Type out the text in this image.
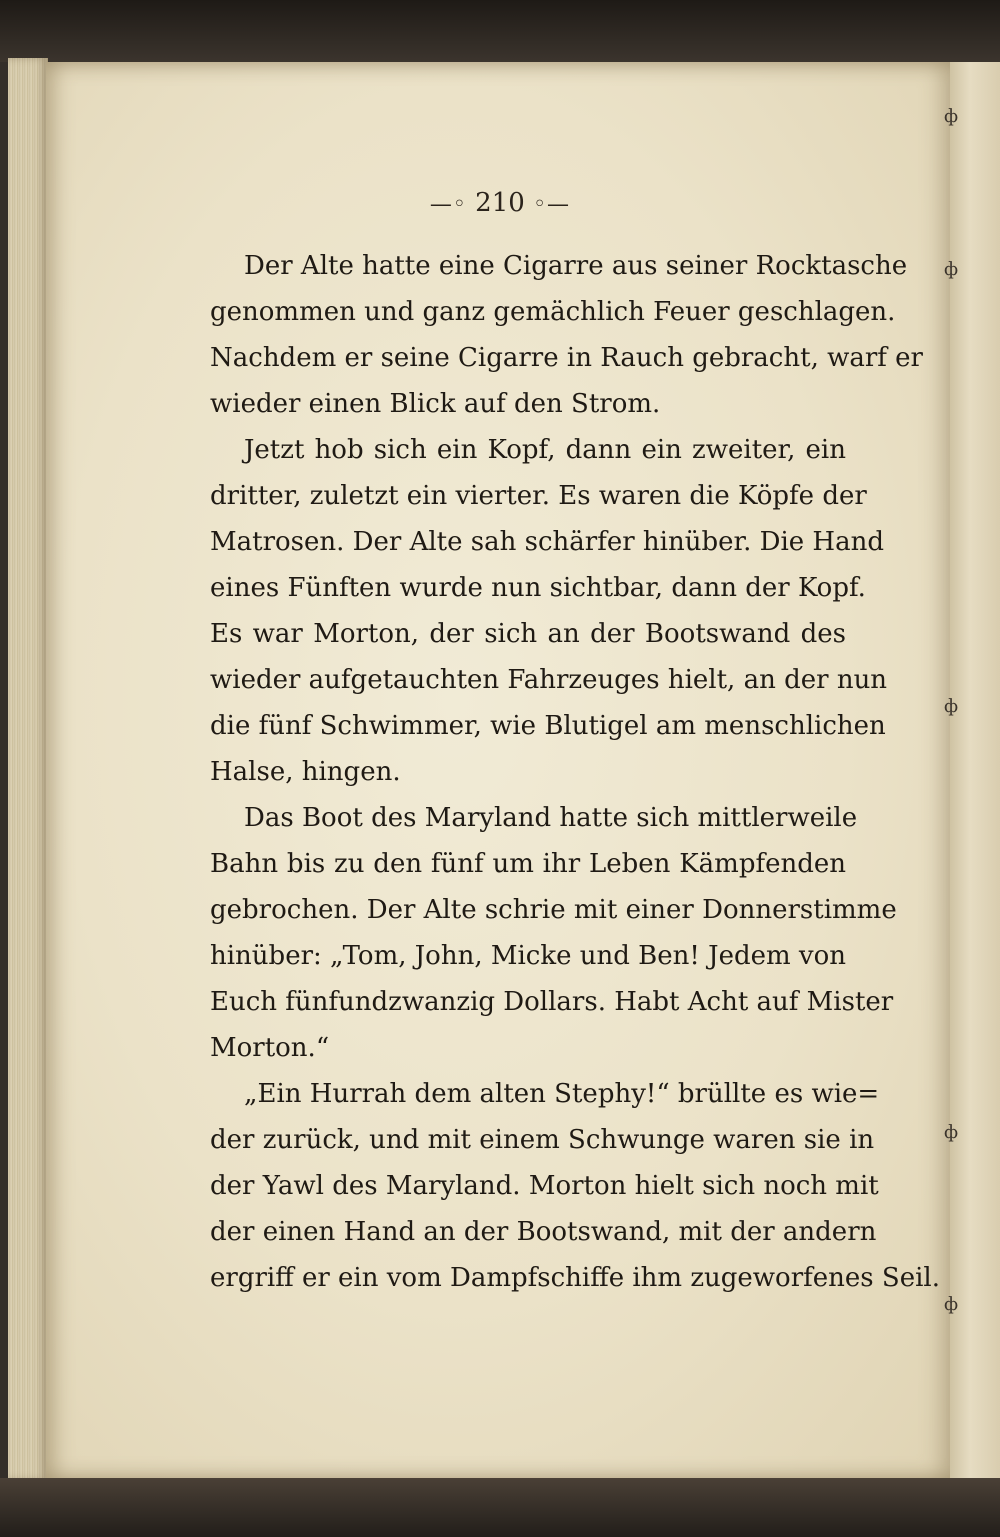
ф
ф
ф
ф
ф
—◦ 210 ◦—
Der Alte hatte eine Cigarre aus seiner Rocktasche
genommen und ganz gemächlich Feuer geschlagen.
Nachdem er seine Cigarre in Rauch gebracht, warf er
wieder einen Blick auf den Strom.
Jetzt hob sich ein Kopf, dann ein zweiter, ein
dritter, zuletzt ein vierter. Es waren die Köpfe der
Matrosen. Der Alte sah schärfer hinüber. Die Hand
eines Fünften wurde nun sichtbar, dann der Kopf.
Es war Morton, der sich an der Bootswand des
wieder aufgetauchten Fahrzeuges hielt, an der nun
die fünf Schwimmer, wie Blutigel am menschlichen
Halse, hingen.
Das Boot des Maryland hatte sich mittlerweile
Bahn bis zu den fünf um ihr Leben Kämpfenden
gebrochen. Der Alte schrie mit einer Donnerstimme
hinüber: „Tom, John, Micke und Ben! Jedem von
Euch fünfundzwanzig Dollars. Habt Acht auf Mister
Morton.“
„Ein Hurrah dem alten Stephy!“ brüllte es wie=
der zurück, und mit einem Schwunge waren sie in
der Yawl des Maryland. Morton hielt sich noch mit
der einen Hand an der Bootswand, mit der andern
ergriff er ein vom Dampfschiffe ihm zugeworfenes Seil.
